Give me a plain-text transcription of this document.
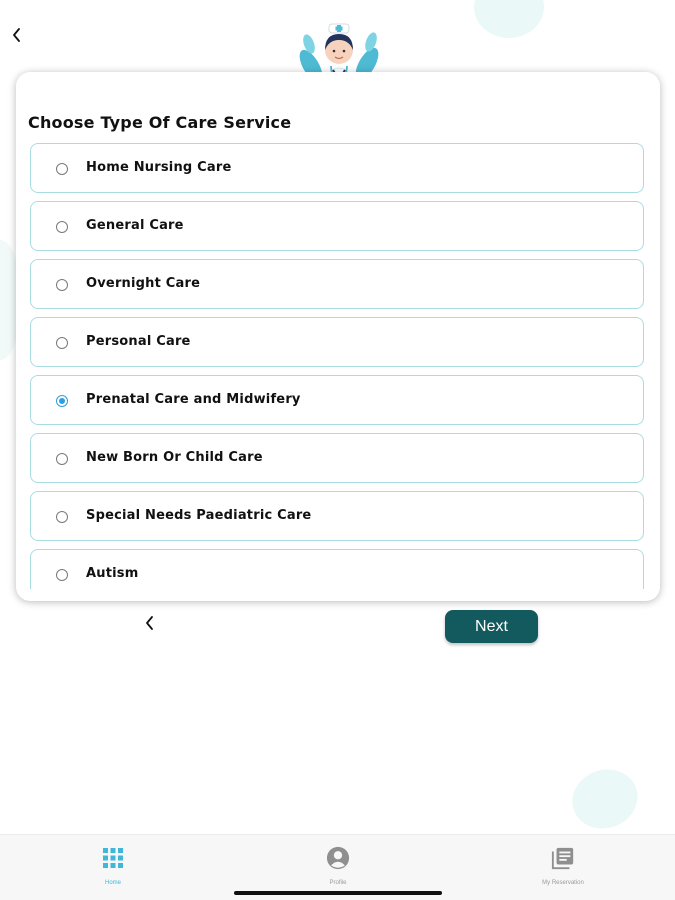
Choose Type Of Care Service
Home Nursing Care
General Care
Overnight Care
Personal Care
Prenatal Care and Midwifery
New Born Or Child Care
Special Needs Paediatric Care
Autism
Next
Home	Profile	My Reservation
